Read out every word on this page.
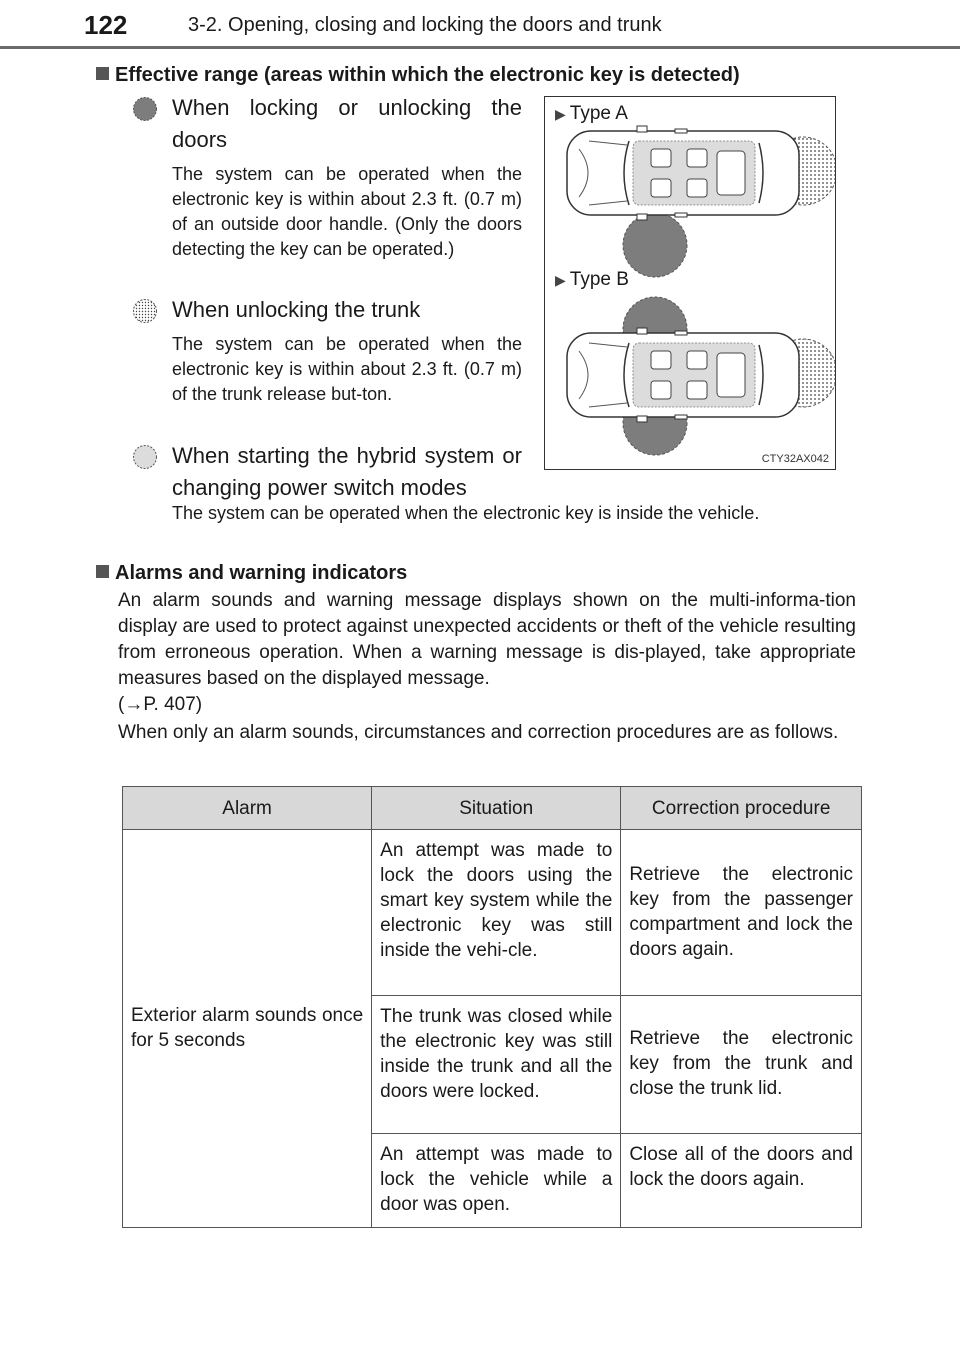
122	3-2. Opening, closing and locking the doors and trunk
Effective range (areas within which the electronic key is detected)
When locking or unlocking the doors
The system can be operated when the electronic key is within about 2.3 ft. (0.7 m) of an outside door handle. (Only the doors detecting the key can be operated.)
When unlocking the trunk
The system can be operated when the electronic key is within about 2.3 ft. (0.7 m) of the trunk release but-ton.
When starting the hybrid system or changing power switch modes
The system can be operated when the electronic key is inside the vehicle.
▶ Type A
▶ Type B
CTY32AX042
Alarms and warning indicators
An alarm sounds and warning message displays shown on the multi-informa-tion display are used to protect against unexpected accidents or theft of the vehicle resulting from erroneous operation. When a warning message is dis-played, take appropriate measures based on the displayed message.
(→P. 407)
When only an alarm sounds, circumstances and correction procedures are as follows.
Alarm	Situation	Correction procedure

Exterior alarm sounds once for 5 seconds	An attempt was made to lock the doors using the smart key system while the electronic key was still inside the vehi-cle.	Retrieve the electronic key from the passenger compartment and lock the doors again.

	The trunk was closed while the electronic key was still inside the trunk and all the doors were locked.	Retrieve the electronic key from the trunk and close the trunk lid.

	An attempt was made to lock the vehicle while a door was open.	Close all of the doors and lock the doors again.
